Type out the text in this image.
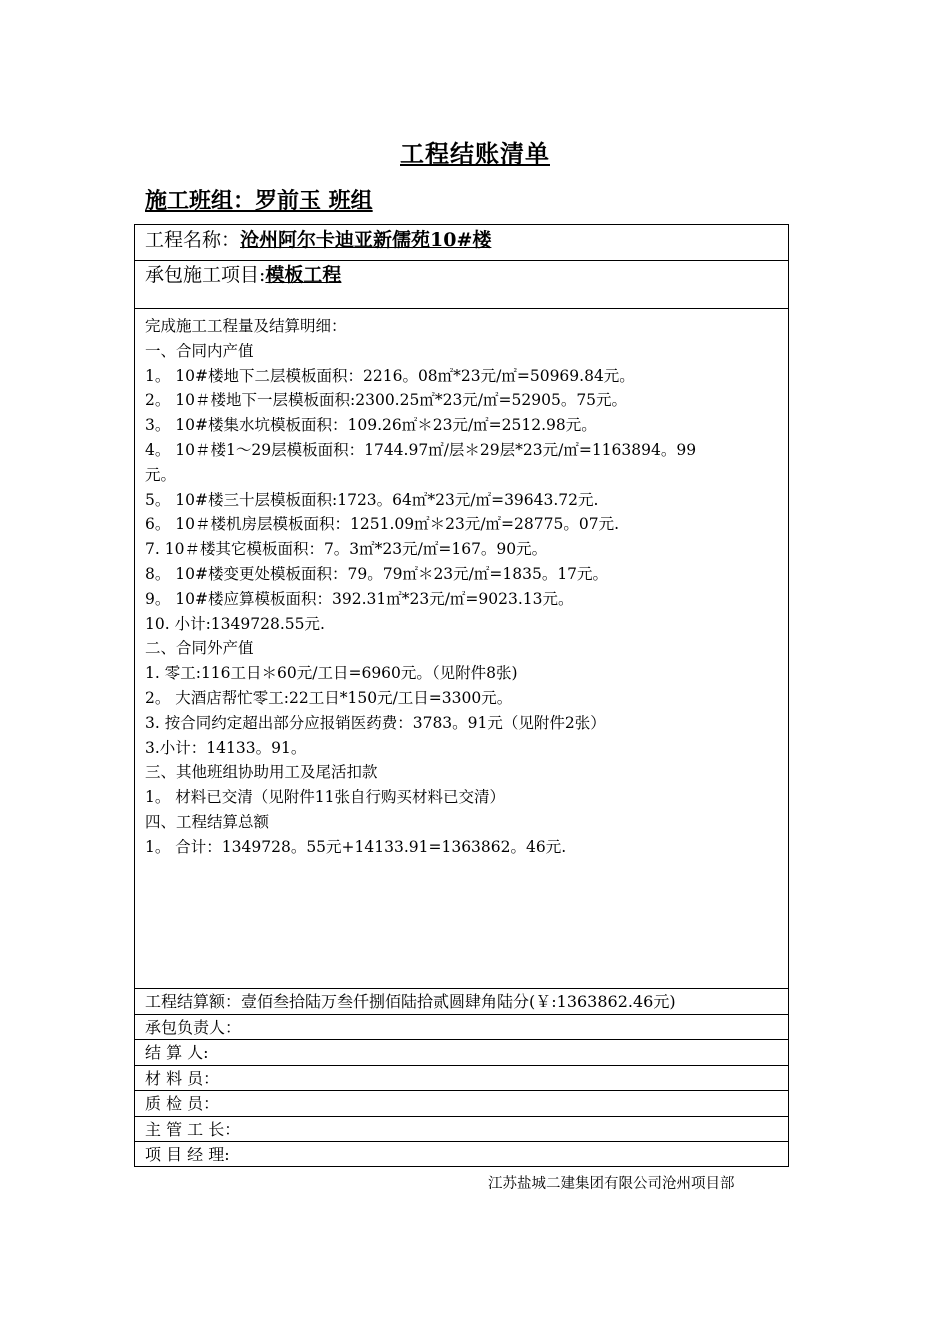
工程结账清单
施工班组：罗前玉 班组
工程名称：沧州阿尔卡迪亚新儒苑10#楼
承包施工项目:模板工程
完成施工工程量及结算明细：
一、合同内产值
1。 10#楼地下二层模板面积：2216。08㎡*23元/㎡=50969.84元。
2。 10＃楼地下一层模板面积:2300.25㎡*23元/㎡=52905。75元。
3。 10#楼集水坑模板面积：109.26㎡＊23元/㎡=2512.98元。
4。 10＃楼1～29层模板面积：1744.97㎡/层＊29层*23元/㎡=1163894。99
元。
5。 10#楼三十层模板面积:1723。64㎡*23元/㎡=39643.72元.
6。 10＃楼机房层模板面积：1251.09㎡＊23元/㎡=28775。07元.
7. 10＃楼其它模板面积：7。3㎡*23元/㎡=167。90元。
8。 10#楼变更处模板面积：79。79㎡＊23元/㎡=1835。17元。
9。 10#楼应算模板面积：392.31㎡*23元/㎡=9023.13元。
10. 小计:1349728.55元.
二、合同外产值
1. 零工:116工日＊60元/工日=6960元。（见附件8张)
2。 大酒店帮忙零工:22工日*150元/工日=3300元。
3. 按合同约定超出部分应报销医药费：3783。91元（见附件2张）
3.小计：14133。91。
三、其他班组协助用工及尾活扣款
1。 材料已交清（见附件11张自行购买材料已交清）
四、工程结算总额
1。 合计：1349728。55元+14133.91=1363862。46元.
工程结算额：壹佰叁拾陆万叁仟捌佰陆拾贰圆肆角陆分(￥:1363862.46元)
承包负责人：
结 算 人:
材 料 员：
质 检 员：
主 管 工 长：
项 目 经 理:
江苏盐城二建集团有限公司沧州项目部
